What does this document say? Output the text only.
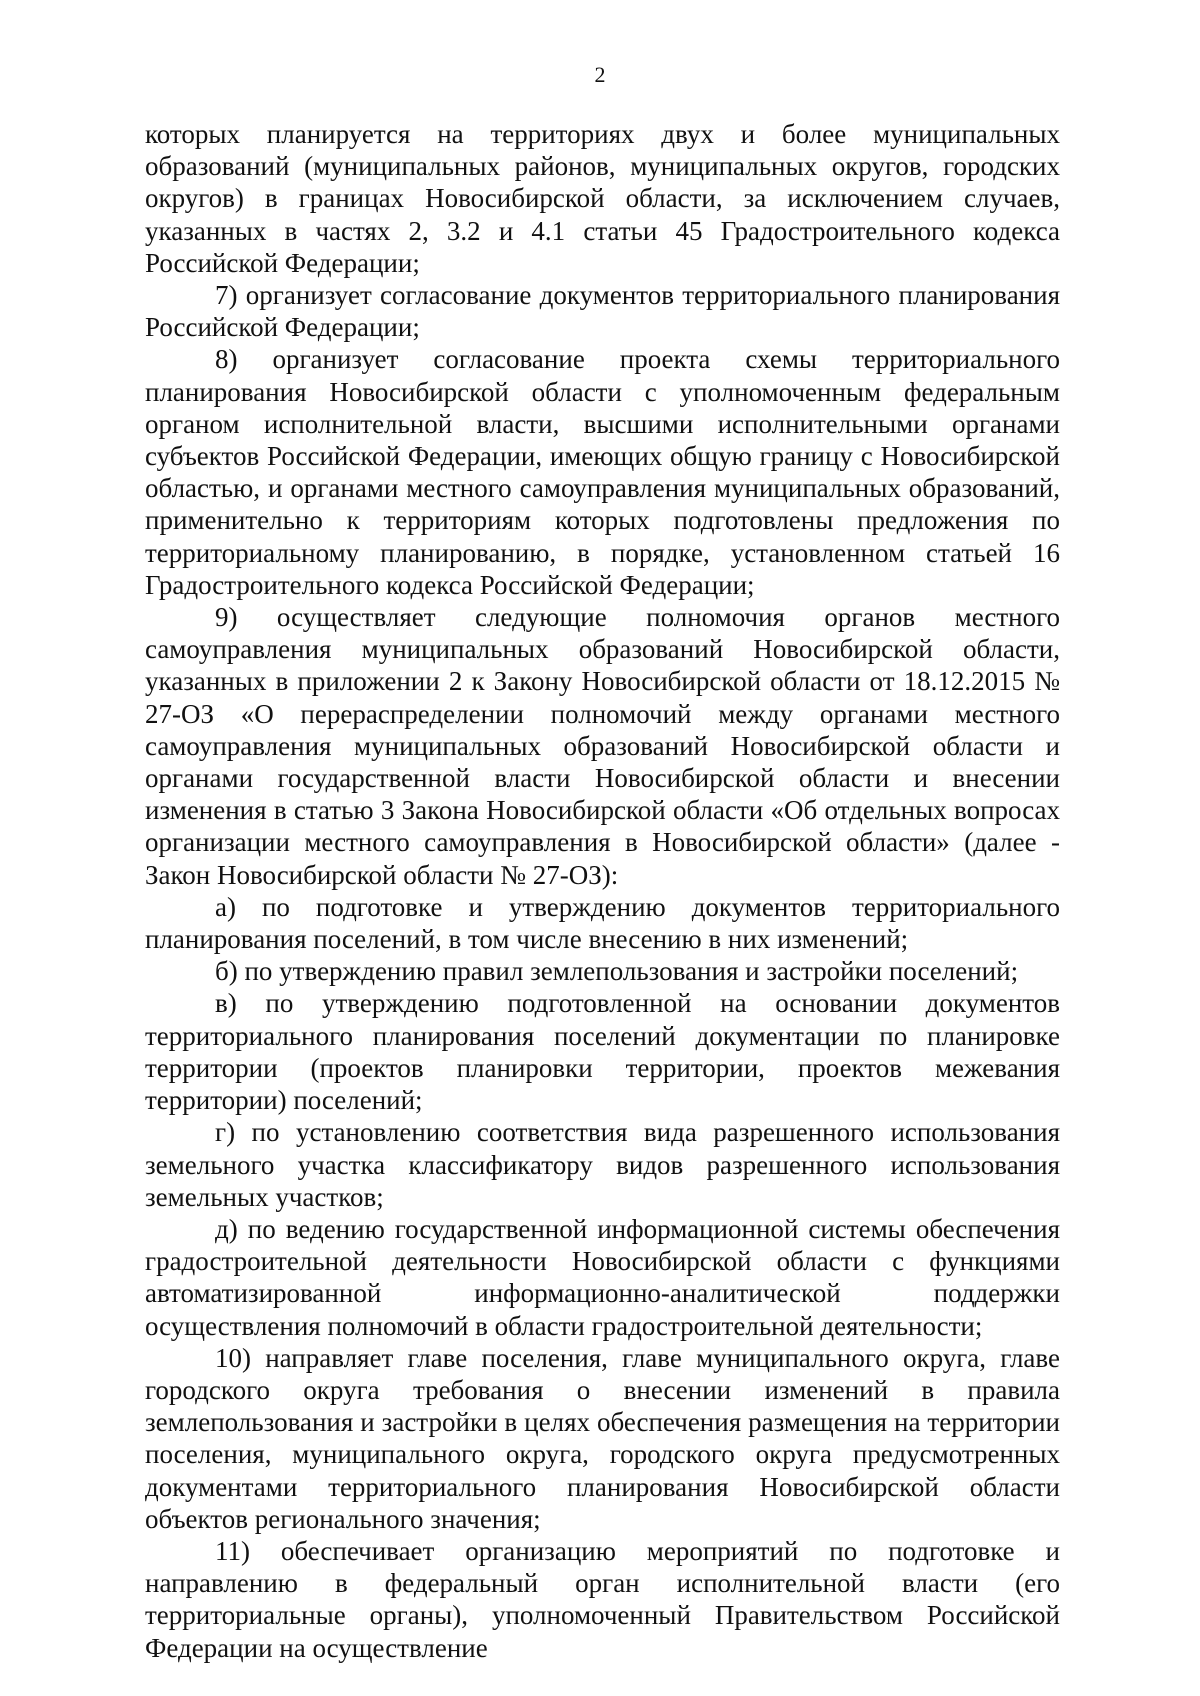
2

которых планируется на территориях двух и более муниципальных образований (муниципальных районов, муниципальных округов, городских округов) в границах Новосибирской области, за исключением случаев, указанных в частях 2, 3.2 и 4.1 статьи 45 Градостроительного кодекса Российской Федерации;

7) организует согласование документов территориального планирования Российской Федерации;

8) организует согласование проекта схемы территориального планирования Новосибирской области с уполномоченным федеральным органом исполнительной власти, высшими исполнительными органами субъектов Российской Федерации, имеющих общую границу с Новосибирской областью, и органами местного самоуправления муниципальных образований, применительно к территориям которых подготовлены предложения по территориальному планированию, в порядке, установленном статьей 16 Градостроительного кодекса Российской Федерации;

9) осуществляет следующие полномочия органов местного самоуправления муниципальных образований Новосибирской области, указанных в приложении 2 к Закону Новосибирской области от 18.12.2015 № 27-ОЗ «О перераспределении полномочий между органами местного самоуправления муниципальных образований Новосибирской области и органами государственной власти Новосибирской области и внесении изменения в статью 3 Закона Новосибирской области «Об отдельных вопросах организации местного самоуправления в Новосибирской области» (далее - Закон Новосибирской области № 27-ОЗ):

а) по подготовке и утверждению документов территориального планирования поселений, в том числе внесению в них изменений;

б) по утверждению правил землепользования и застройки поселений;

в) по утверждению подготовленной на основании документов территориального планирования поселений документации по планировке территории (проектов планировки территории, проектов межевания территории) поселений;

г) по установлению соответствия вида разрешенного использования земельного участка классификатору видов разрешенного использования земельных участков;

д) по ведению государственной информационной системы обеспечения градостроительной деятельности Новосибирской области с функциями автоматизированной информационно-аналитической поддержки осуществления полномочий в области градостроительной деятельности;

10) направляет главе поселения, главе муниципального округа, главе городского округа требования о внесении изменений в правила землепользования и застройки в целях обеспечения размещения на территории поселения, муниципального округа, городского округа предусмотренных документами территориального планирования Новосибирской области объектов регионального значения;

11) обеспечивает организацию мероприятий по подготовке и направлению в федеральный орган исполнительной власти (его территориальные органы), уполномоченный Правительством Российской Федерации на осуществление
